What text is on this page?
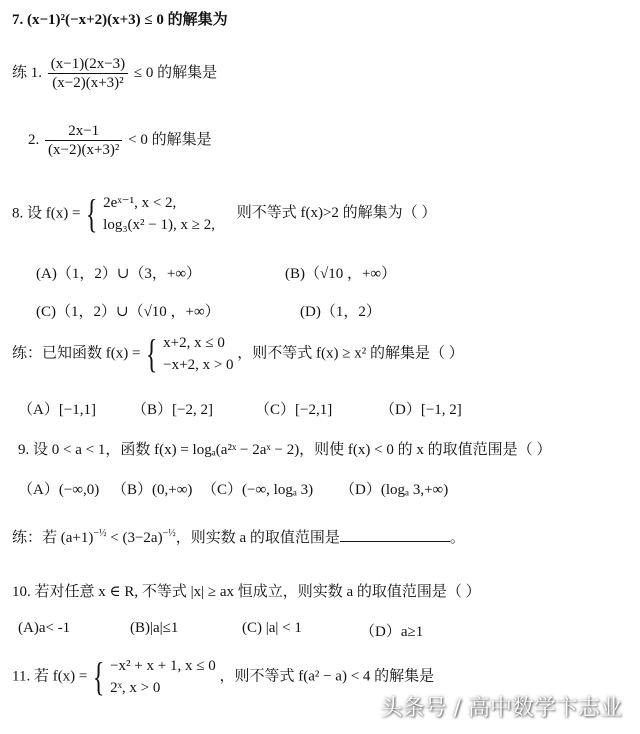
7. (x−1)²(−x+2)(x+3) ≤ 0 的解集为
练 1. $\frac{(x-1)(2x-3)}{\text{(x−2)(x+3)²}} \le 0$ 的解集是
2. $\frac{2x-1}{\text{(x−2)(x+3)²}} < 0$ 的解集是
8. 设 f(x) = { 2eˣ⁻¹, x < 2,
log₃(x² − 1), x ≥ 2,
则不等式 f(x)>2 的解集为（ ）
(A)（1，2）∪（3，+∞）	(B)（√10 ，+∞）
(C)（1，2）∪（√10 ，+∞）	(D)（1，2）
练：已知函数 f(x) = { x+2, x ≤ 0
−x+2, x > 0
，则不等式 f(x) ≥ x² 的解集是（ ）
（A）[−1,1] （B）[−2, 2]	（C）[−2,1]	（D）[−1, 2]
9. 设 0 < a < 1，函数 f(x) = logₐ(a²ˣ − 2aˣ − 2)，则使 f(x) < 0 的 x 的取值范围是（ ）
（A）(−∞,0) （B）(0,+∞) （C）(−∞, logₐ 3) （D）(logₐ 3,+∞)
练：若 $(a+1)^{-\frac{1}{2}} < (3-2a)^{-\frac{1}{2}}$，则实数 a 的取值范围是	。
10. 若对任意 x ∈ R, 不等式 |x| ≥ ax 恒成立，则实数 a 的取值范围是（ ）
(A)a< -1	(B)|a|≤1	(C) |a| < 1	（D）a≥1
11. 若 f(x) = { −x² + x + 1, x ≤ 0
2ˣ, x > 0
，则不等式 f(a² − a) < 4 的解集是
头条号 / 高中数学卞志业
